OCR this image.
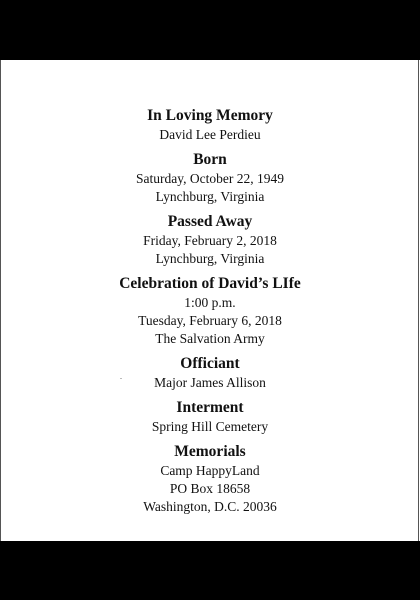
In Loving Memory
David Lee Perdieu
Born
Saturday, October 22, 1949
Lynchburg, Virginia
Passed Away
Friday, February 2, 2018
Lynchburg, Virginia
Celebration of David’s LIfe
1:00 p.m.
Tuesday, February 6, 2018
The Salvation Army
Officiant
Major James Allison
Interment
Spring Hill Cemetery
Memorials
Camp HappyLand
PO Box 18658
Washington, D.C. 20036
